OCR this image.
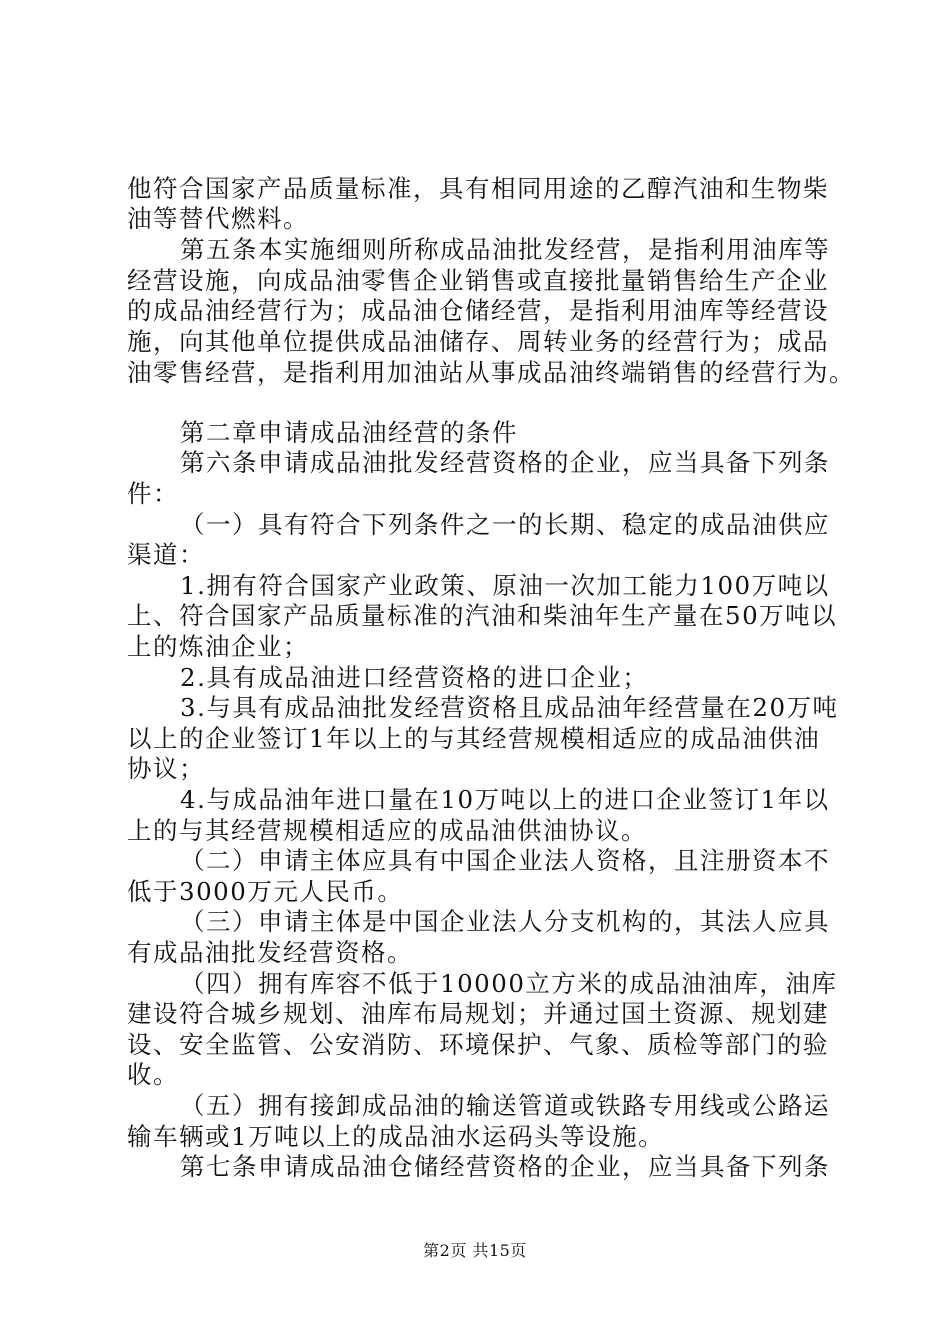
他符合国家产品质量标准，具有相同用途的乙醇汽油和生物柴
油等替代燃料。
第五条本实施细则所称成品油批发经营，是指利用油库等
经营设施，向成品油零售企业销售或直接批量销售给生产企业
的成品油经营行为；成品油仓储经营，是指利用油库等经营设
施，向其他单位提供成品油储存、周转业务的经营行为；成品
油零售经营，是指利用加油站从事成品油终端销售的经营行为。
第二章申请成品油经营的条件
第六条申请成品油批发经营资格的企业，应当具备下列条
件：
（一）具有符合下列条件之一的长期、稳定的成品油供应
渠道：
1.拥有符合国家产业政策、原油一次加工能力100万吨以
上、符合国家产品质量标准的汽油和柴油年生产量在50万吨以
上的炼油企业；
2.具有成品油进口经营资格的进口企业；
3.与具有成品油批发经营资格且成品油年经营量在20万吨
以上的企业签订1年以上的与其经营规模相适应的成品油供油
协议；
4.与成品油年进口量在10万吨以上的进口企业签订1年以
上的与其经营规模相适应的成品油供油协议。
（二）申请主体应具有中国企业法人资格，且注册资本不
低于3000万元人民币。
（三）申请主体是中国企业法人分支机构的，其法人应具
有成品油批发经营资格。
（四）拥有库容不低于10000立方米的成品油油库，油库
建设符合城乡规划、油库布局规划；并通过国土资源、规划建
设、安全监管、公安消防、环境保护、气象、质检等部门的验
收。
（五）拥有接卸成品油的输送管道或铁路专用线或公路运
输车辆或1万吨以上的成品油水运码头等设施。
第七条申请成品油仓储经营资格的企业，应当具备下列条
第2页 共15页
